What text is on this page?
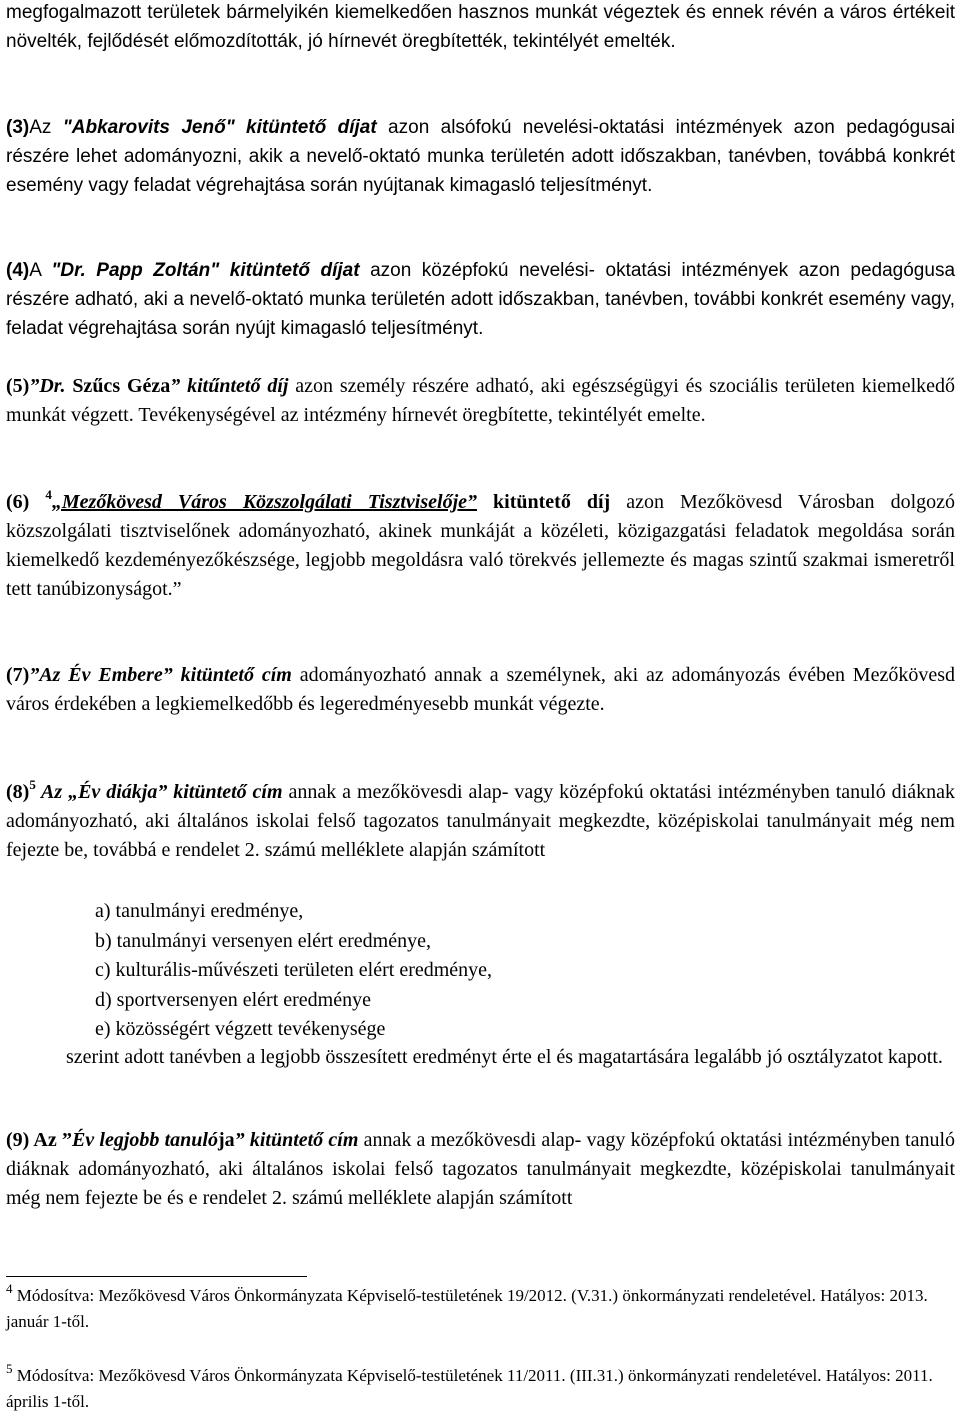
megfogalmazott területek bármelyikén kiemelkedően hasznos munkát végeztek és ennek révén a város értékeit növelték, fejlődését előmozdították, jó hírnevét öregbítették, tekintélyét emelték.

(3)Az "Abkarovits Jenő" kitüntető díjat azon alsófokú nevelési-oktatási intézmények azon pedagógusai részére lehet adományozni, akik a nevelő-oktató munka területén adott időszakban, tanévben, továbbá konkrét esemény vagy feladat végrehajtása során nyújtanak kimagasló teljesítményt.

(4)A "Dr. Papp Zoltán" kitüntető díjat azon középfokú nevelési- oktatási intézmények azon pedagógusa részére adható, aki a nevelő-oktató munka területén adott időszakban, tanévben, további konkrét esemény vagy, feladat végrehajtása során nyújt kimagasló teljesítményt.

(5)”Dr. Szűcs Géza” kitűntető díj azon személy részére adható, aki egészségügyi és szociális területen kiemelkedő munkát végzett. Tevékenységével az intézmény hírnevét öregbítette, tekintélyét emelte.

(6) $^4$„Mezőkövesd Város Közszolgálati Tisztviselője” kitüntető díj azon Mezőkövesd Városban dolgozó közszolgálati tisztviselőnek adományozható, akinek munkáját a közéleti, közigazgatási feladatok megoldása során kiemelkedő kezdeményezőkészsége, legjobb megoldásra való törekvés jellemezte és magas szintű szakmai ismeretről tett tanúbizonyságot.”

(7)”Az Év Embere” kitüntető cím adományozható annak a személynek, aki az adományozás évében Mezőkövesd város érdekében a legkiemelkedőbb és legeredményesebb munkát végezte.

$(8)^5$ Az „Év diákja” kitüntető cím annak a mezőkövesdi alap- vagy középfokú oktatási intézményben tanuló diáknak adományozható, aki általános iskolai felső tagozatos tanulmányait megkezdte, középiskolai tanulmányait még nem fejezte be, továbbá e rendelet 2. számú melléklete alapján számított

a) tanulmányi eredménye,
b) tanulmányi versenyen elért eredménye,
c) kulturális-művészeti területen elért eredménye,
d) sportversenyen elért eredménye
e) közösségért végzett tevékenysége

szerint adott tanévben a legjobb összesített eredményt érte el és magatartására legalább jó osztályzatot kapott.

(9) Az ”Év legjobb tanulója” kitüntető cím annak a mezőkövesdi alap- vagy középfokú oktatási intézményben tanuló diáknak adományozható, aki általános iskolai felső tagozatos tanulmányait megkezdte, középiskolai tanulmányait még nem fejezte be és e rendelet 2. számú melléklete alapján számított

$^4$ Módosítva: Mezőkövesd Város Önkormányzata Képviselő-testületének 19/2012. (V.31.) önkormányzati rendeletével. Hatályos: 2013. január 1-től.

$^5$ Módosítva: Mezőkövesd Város Önkormányzata Képviselő-testületének 11/2011. (III.31.) önkormányzati rendeletével. Hatályos: 2011. április 1-től.
